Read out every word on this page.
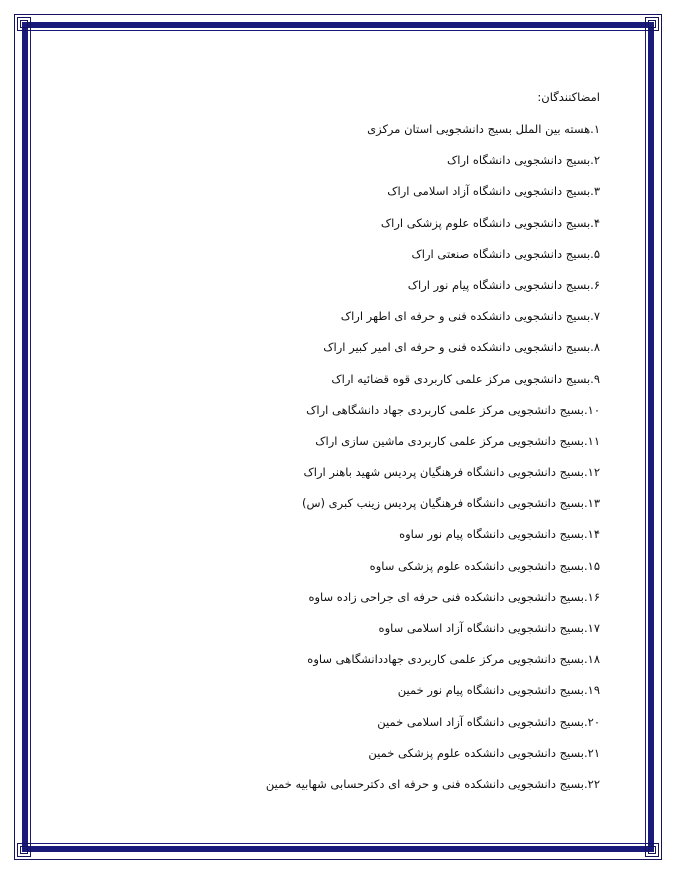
امضاکنندگان:
۱.هسته بین الملل بسیج دانشجویی استان مرکزی
۲.بسیج دانشجویی دانشگاه اراک
۳.بسیج دانشجویی دانشگاه آزاد اسلامی اراک
۴.بسیج دانشجویی دانشگاه علوم پزشکی اراک
۵.بسیج دانشجویی دانشگاه صنعتی اراک
۶.بسیج دانشجویی دانشگاه پیام نور اراک
۷.بسیج دانشجویی دانشکده فنی و حرفه ای اطهر اراک
۸.بسیج دانشجویی دانشکده فنی و حرفه ای امیر کبیر اراک
۹.بسیج دانشجویی مرکز علمی کاربردی قوه قضائیه اراک
۱۰.بسیج دانشجویی مرکز علمی کاربردی جهاد دانشگاهی اراک
۱۱.بسیج دانشجویی مرکز علمی کاربردی ماشین سازی اراک
۱۲.بسیج دانشجویی دانشگاه فرهنگیان پردیس شهید باهنر اراک
۱۳.بسیج دانشجویی دانشگاه فرهنگیان پردیس زینب کبری (س)
۱۴.بسیج دانشجویی دانشگاه پیام نور ساوه
۱۵.بسیج دانشجویی دانشکده علوم پزشکی ساوه
۱۶.بسیج دانشجویی دانشکده فنی حرفه ای جراحی زاده ساوه
۱۷.بسیج دانشجویی دانشگاه آزاد اسلامی ساوه
۱۸.بسیج دانشجویی مرکز علمی کاربردی جهاددانشگاهی ساوه
۱۹.بسیج دانشجویی دانشگاه پیام نور خمین
۲۰.بسیج دانشجویی دانشگاه آزاد اسلامی خمین
۲۱.بسیج دانشجویی دانشکده علوم پزشکی خمین
۲۲.بسیج دانشجویی دانشکده فنی و حرفه ای دکترحسابی شهابیه خمین
